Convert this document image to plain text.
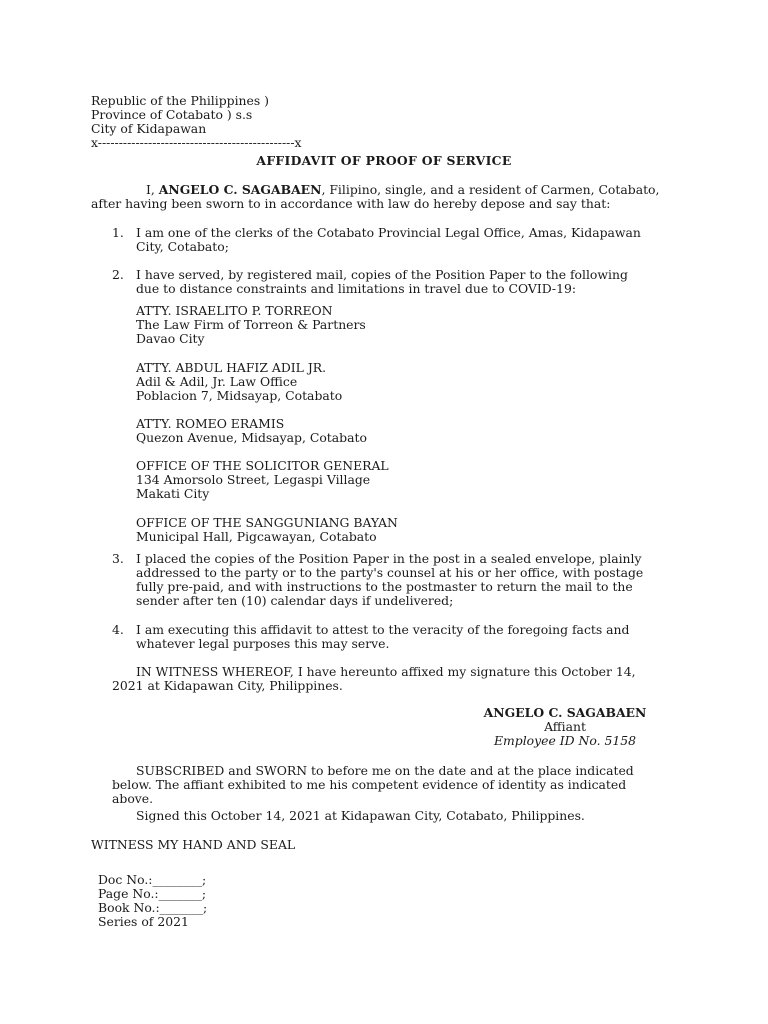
Republic of the Philippines )
Province of Cotabato ) s.s
City of Kidapawan
x-----------------------------------------------x
AFFIDAVIT OF PROOF OF SERVICE
I, ANGELO C. SAGABAEN, Filipino, single, and a resident of Carmen, Cotabato,
after having been sworn to in accordance with law do hereby depose and say that:
1. I am one of the clerks of the Cotabato Provincial Legal Office, Amas, Kidapawan
City, Cotabato;
2. I have served, by registered mail, copies of the Position Paper to the following
due to distance constraints and limitations in travel due to COVID-19:
ATTY. ISRAELITO P. TORREON
The Law Firm of Torreon & Partners
Davao City
ATTY. ABDUL HAFIZ ADIL JR.
Adil & Adil, Jr. Law Office
Poblacion 7, Midsayap, Cotabato
ATTY. ROMEO ERAMIS
Quezon Avenue, Midsayap, Cotabato
OFFICE OF THE SOLICITOR GENERAL
134 Amorsolo Street, Legaspi Village
Makati City
OFFICE OF THE SANGGUNIANG BAYAN
Municipal Hall, Pigcawayan, Cotabato
3. I placed the copies of the Position Paper in the post in a sealed envelope, plainly
addressed to the party or to the party's counsel at his or her office, with postage
fully pre-paid, and with instructions to the postmaster to return the mail to the
sender after ten (10) calendar days if undelivered;
4. I am executing this affidavit to attest to the veracity of the foregoing facts and
whatever legal purposes this may serve.
IN WITNESS WHEREOF, I have hereunto affixed my signature this October 14,
2021 at Kidapawan City, Philippines.
ANGELO C. SAGABAEN
Affiant
Employee ID No. 5158
SUBSCRIBED and SWORN to before me on the date and at the place indicated
below. The affiant exhibited to me his competent evidence of identity as indicated
above.
Signed this October 14, 2021 at Kidapawan City, Cotabato, Philippines.
WITNESS MY HAND AND SEAL
Doc No.:________;
Page No.:_______;
Book No.:_______;
Series of 2021
